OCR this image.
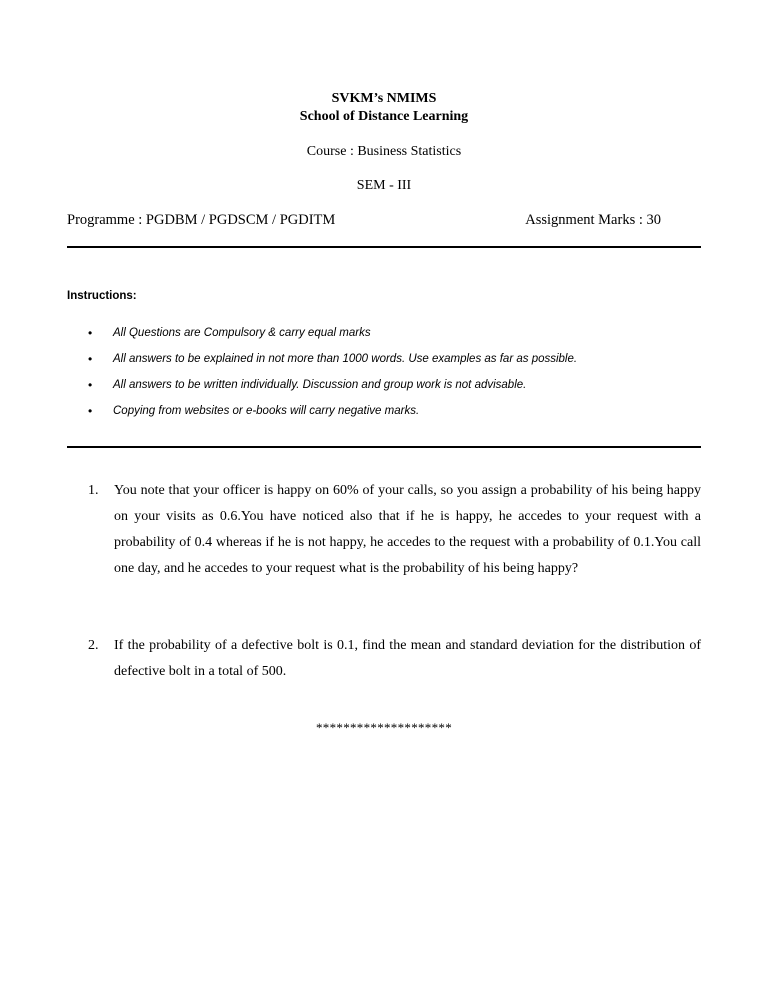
SVKM’s NMIMS
School of Distance Learning
Course : Business Statistics
SEM - III
Programme : PGDBM / PGDSCM / PGDITM	Assignment Marks : 30
Instructions:
• All Questions are Compulsory & carry equal marks
• All answers to be explained in not more than 1000 words. Use examples as far as possible.
• All answers to be written individually. Discussion and group work is not advisable.
• Copying from websites or e-books will carry negative marks.
1. You note that your officer is happy on 60% of your calls, so you assign a probability of his being happy on your visits as 0.6.You have noticed also that if he is happy, he accedes to your request with a probability of 0.4 whereas if he is not happy, he accedes to the request with a probability of 0.1.You call one day, and he accedes to your request what is the probability of his being happy?
2. If the probability of a defective bolt is 0.1, find the mean and standard deviation for the distribution of defective bolt in a total of 500.
********************
